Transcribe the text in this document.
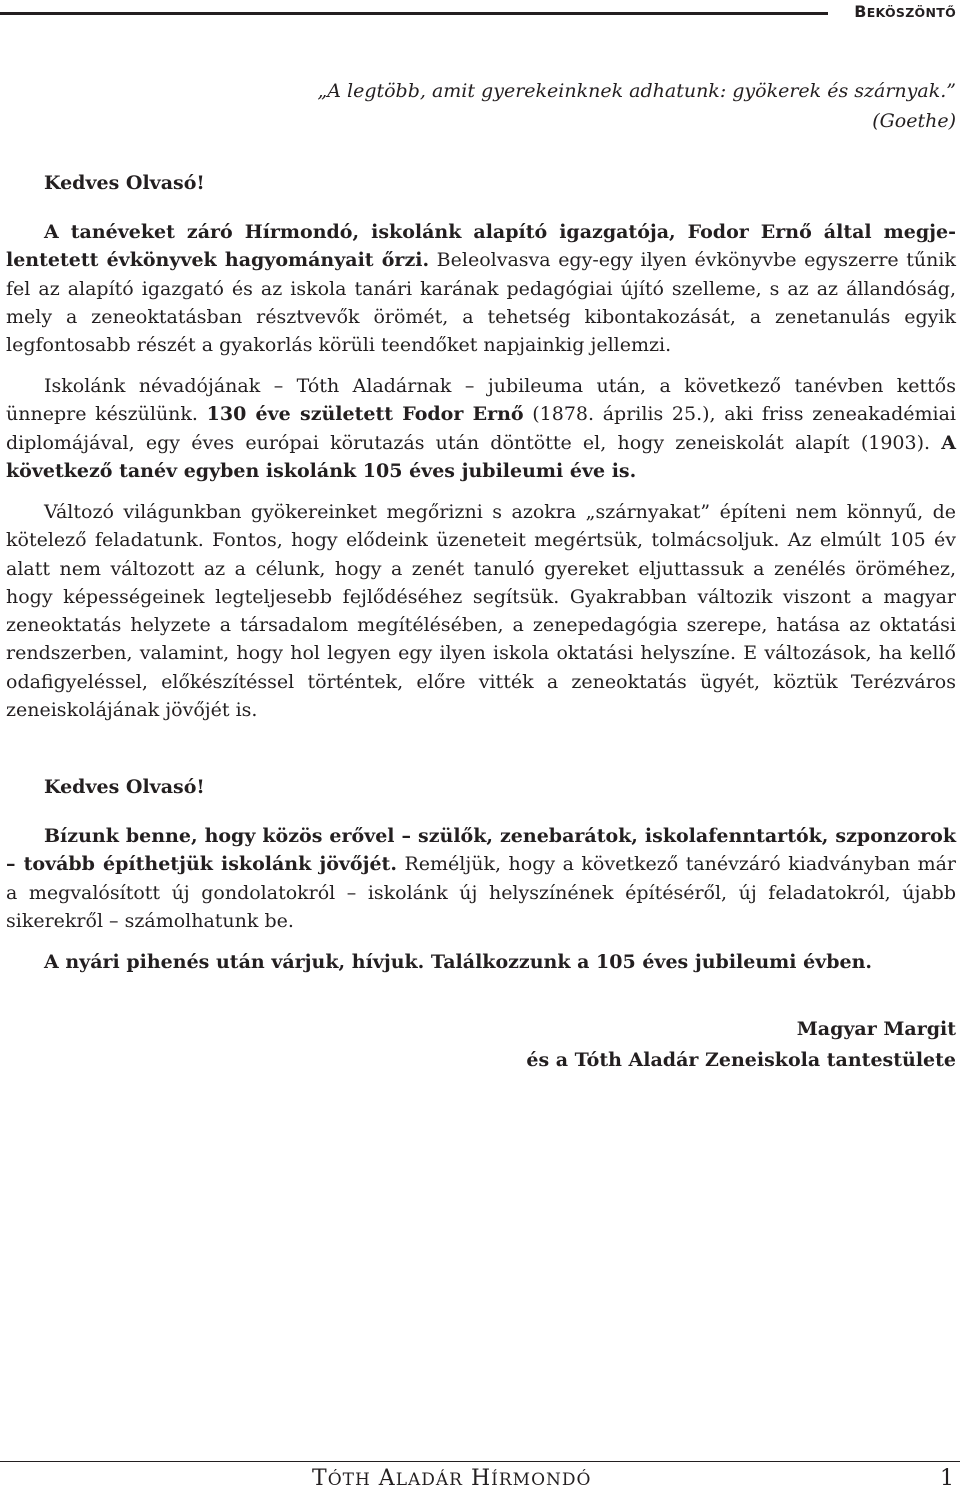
BEKÖSZÖNTŐ
„A legtöbb, amit gyerekeinknek adhatunk: gyökerek és szárnyak.”
(Goethe)
Kedves Olvasó!

A tanéveket záró Hírmondó, iskolánk alapító igazgatója, Fodor Ernő által megjelentetett évkönyvek hagyományait őrzi. Beleolvasva egy-egy ilyen évkönyvbe egyszerre tűnik fel az alapító igazgató és az iskola tanári karának pedagógiai újító szelleme, s az az állandóság, mely a zeneoktatásban résztvevők örömét, a tehetség kibontakozását, a zenetanulás egyik legfontosabb részét a gyakorlás körüli teendőket napjainkig jellemzi.

Iskolánk névadójának – Tóth Aladárnak – jubileuma után, a következő tanévben kettős ünnepre készülünk. 130 éve született Fodor Ernő (1878. április 25.), aki friss zeneakadémiai diplomájával, egy éves európai körutazás után döntötte el, hogy zeneiskolát alapít (1903). A következő tanév egyben iskolánk 105 éves jubileumi éve is.

Változó világunkban gyökereinket megőrizni s azokra „szárnyakat” építeni nem könnyű, de kötelező feladatunk. Fontos, hogy elődeink üzeneteit megértsük, tolmácsoljuk. Az elmúlt 105 év alatt nem változott az a célunk, hogy a zenét tanuló gyereket eljuttassuk a zenélés öröméhez, hogy képességeinek legteljesebb fejlődéséhez segítsük. Gyakrabban változik viszont a magyar zeneoktatás helyzete a társadalom megítélésében, a zenepedagógia szerepe, hatása az oktatási rendszerben, valamint, hogy hol legyen egy ilyen iskola oktatási helyszíne. E változások, ha kellő odafigyeléssel, előkészítéssel történtek, előre vitték a zeneoktatás ügyét, köztük Terézváros zeneiskolájának jövőjét is.

Kedves Olvasó!

Bízunk benne, hogy közös erővel – szülők, zenebarátok, iskolafenntartók, szponzorok – tovább építhetjük iskolánk jövőjét. Reméljük, hogy a következő tanévzáró kiadványban már a megvalósított új gondolatokról – iskolánk új helyszínének építéséről, új feladatokról, újabb sikerekről – számolhatunk be.

A nyári pihenés után várjuk, hívjuk. Találkozzunk a 105 éves jubileumi évben.

Magyar Margit
és a Tóth Aladár Zeneiskola tantestülete
TÓTH ALADÁR HÍRMONDÓ	1
